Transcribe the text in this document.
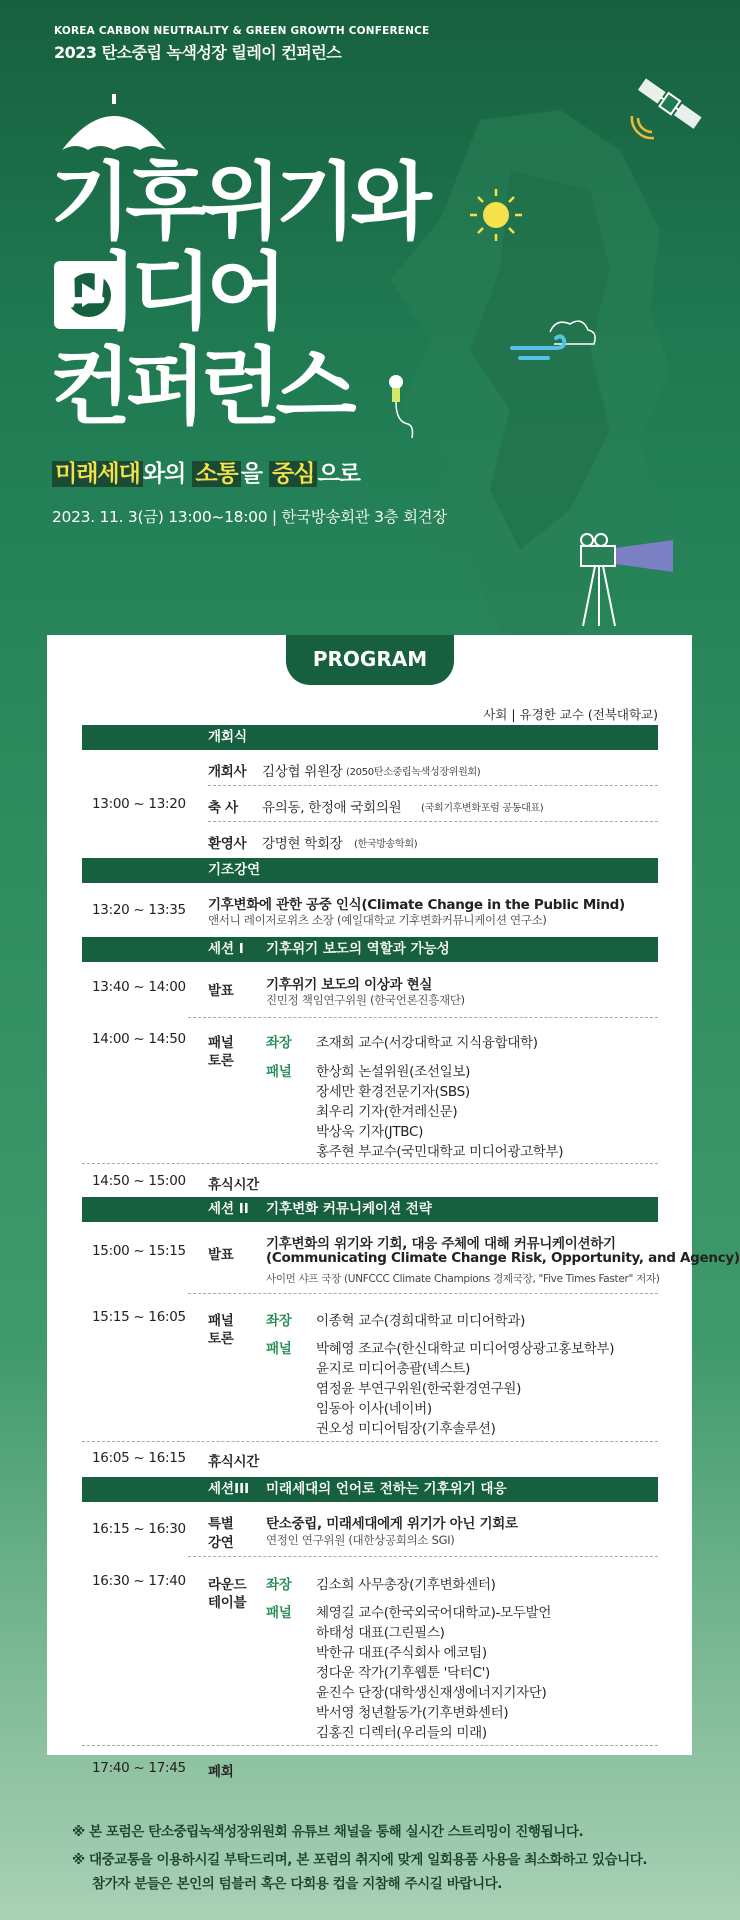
KOREA CARBON NEUTRALITY & GREEN GROWTH CONFERENCE
2023 탄소중립 녹색성장 릴레이 컨퍼런스
기후위기와
미디어
컨퍼런스
미래세대 와의 소통 을 중심 으로
2023. 11. 3(금) 13:00~18:00 | 한국방송회관 3층 회견장
PROGRAM
사회 | 유경한 교수 (전북대학교)
개회식
13:00 ~ 13:20
개회사 김상협 위원장 (2050탄소중립녹색성장위원회)
축 사 유의동, 한정애 국회의원 (국회기후변화포럼 공동대표)
환영사 강명현 학회장 (한국방송학회)
기조강연
13:20 ~ 13:35 기후변화에 관한 공중 인식(Climate Change in the Public Mind)
앤서니 레이저로위츠 소장 (예일대학교 기후변화커뮤니케이션 연구소)
세션 I 기후위기 보도의 역할과 가능성
13:40 ~ 14:00 발표 기후위기 보도의 이상과 현실
진민정 책임연구위원 (한국언론진흥재단)
14:00 ~ 14:50 패널
토론
좌장 조재희 교수(서강대학교 지식융합대학)
패널 한상희 논설위원(조선일보)
장세만 환경전문기자(SBS)
최우리 기자(한겨레신문)
박상욱 기자(JTBC)
홍주현 부교수(국민대학교 미디어광고학부)
14:50 ~ 15:00 휴식시간
세션 II 기후변화 커뮤니케이션 전략
15:00 ~ 15:15 발표
기후변화의 위기와 기회, 대응 주체에 대해 커뮤니케이션하기
(Communicating Climate Change Risk, Opportunity, and Agency)
사이먼 샤프 국장 (UNFCCC Climate Champions 경제국장, "Five Times Faster" 저자)
15:15 ~ 16:05 패널
토론
좌장 이종혁 교수(경희대학교 미디어학과)
패널 박혜영 조교수(한신대학교 미디어영상광고홍보학부)
윤지로 미디어총괄(넥스트)
염정윤 부연구위원(한국환경연구원)
임동아 이사(네이버)
권오성 미디어팀장(기후솔루션)
16:05 ~ 16:15 휴식시간
세션III 미래세대의 언어로 전하는 기후위기 대응
16:15 ~ 16:30 특별
강연
탄소중립, 미래세대에게 위기가 아닌 기회로
연정인 연구위원 (대한상공회의소 SGI)
16:30 ~ 17:40 라운드
테이블
좌장 김소희 사무총장(기후변화센터)
패널 체영길 교수(한국외국어대학교)-모두발언
하태성 대표(그린필스)
박한규 대표(주식회사 에코팀)
정다운 작가(기후웹툰 '닥터C')
윤진수 단장(대학생신재생에너지기자단)
박서영 청년활동가(기후변화센터)
김홍진 디렉터(우리들의 미래)
17:40 ~ 17:45 폐회
※ 본 포럼은 탄소중립녹색성장위원회 유튜브 채널을 통해 실시간 스트리밍이 진행됩니다.
※ 대중교통을 이용하시길 부탁드리며, 본 포럼의 취지에 맞게 일회용품 사용을 최소화하고 있습니다.
참가자 분들은 본인의 텀블러 혹은 다회용 컵을 지참해 주시길 바랍니다.
